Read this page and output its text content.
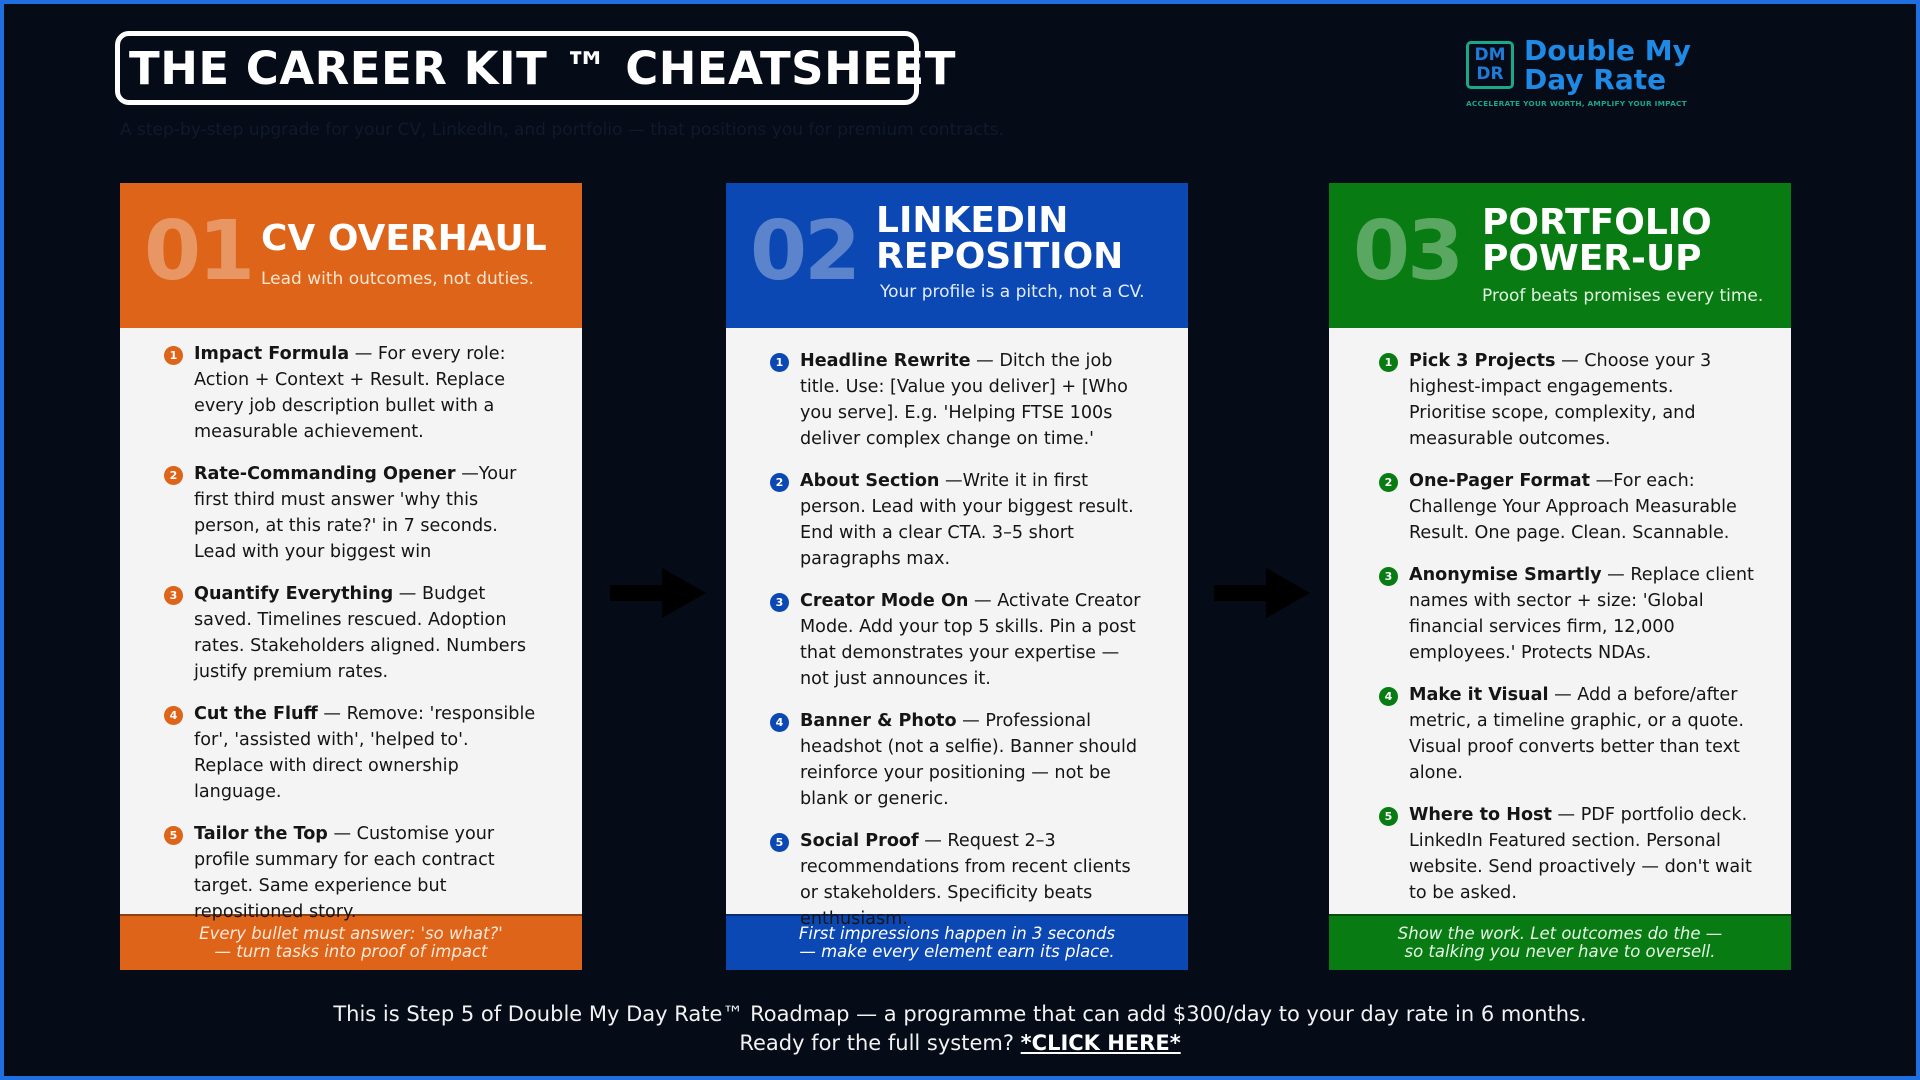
THE CAREER KIT ™ CHEATSHEET
A step-by-step upgrade for your CV, LinkedIn, and portfolio — that positions you for premium contracts.
DM
DR
Double My
Day Rate
ACCELERATE YOUR WORTH, AMPLIFY YOUR IMPACT
01 CV OVERHAUL
Lead with outcomes, not duties.
1 Impact Formula — For every role: Action + Context + Result. Replace every job description bullet with a measurable achievement.
2 Rate-Commanding Opener —Your first third must answer 'why this person, at this rate?' in 7 seconds. Lead with your biggest win
3 Quantify Everything — Budget saved. Timelines rescued. Adoption rates. Stakeholders aligned. Numbers justify premium rates.
4 Cut the Fluff — Remove: 'responsible for', 'assisted with', 'helped to'. Replace with direct ownership language.
5 Tailor the Top — Customise your profile summary for each contract target. Same experience but repositioned story.
Every bullet must answer: 'so what?'
— turn tasks into proof of impact
02 LINKEDIN
REPOSITION
Your profile is a pitch, not a CV.
1 Headline Rewrite — Ditch the job title. Use: [Value you deliver] + [Who you serve]. E.g. 'Helping FTSE 100s deliver complex change on time.'
2 About Section —Write it in first person. Lead with your biggest result. End with a clear CTA. 3–5 short paragraphs max.
3 Creator Mode On — Activate Creator Mode. Add your top 5 skills. Pin a post that demonstrates your expertise — not just announces it.
4 Banner & Photo — Professional headshot (not a selfie). Banner should reinforce your positioning — not be blank or generic.
5 Social Proof — Request 2–3 recommendations from recent clients or stakeholders. Specificity beats enthusiasm.
First impressions happen in 3 seconds
— make every element earn its place.
03 PORTFOLIO
POWER-UP
Proof beats promises every time.
1 Pick 3 Projects — Choose your 3 highest-impact engagements. Prioritise scope, complexity, and measurable outcomes.
2 One-Pager Format —For each: Challenge Your Approach Measurable Result. One page. Clean. Scannable.
3 Anonymise Smartly — Replace client names with sector + size: 'Global financial services firm, 12,000 employees.' Protects NDAs.
4 Make it Visual — Add a before/after metric, a timeline graphic, or a quote. Visual proof converts better than text alone.
5 Where to Host — PDF portfolio deck. LinkedIn Featured section. Personal website. Send proactively — don't wait to be asked.
Show the work. Let outcomes do the —
so talking you never have to oversell.
This is Step 5 of Double My Day Rate™ Roadmap — a programme that can add $300/day to your day rate in 6 months.
Ready for the full system? *CLICK HERE*
